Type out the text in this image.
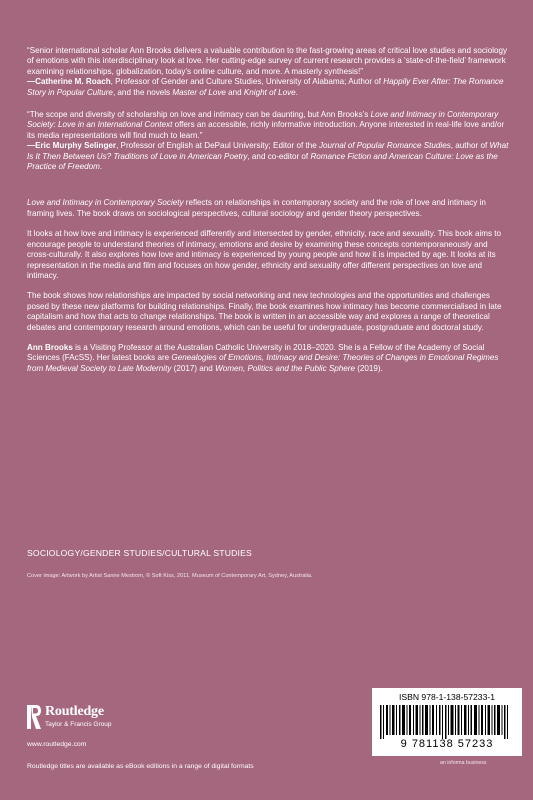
“Senior international scholar Ann Brooks delivers a valuable contribution to the fast-growing areas of critical love studies and sociology of emotions with this interdisciplinary look at love. Her cutting-edge survey of current research provides a ‘state-of-the-field’ framework examining relationships, globalization, today’s online culture, and more. A masterly synthesis!”
—Catherine M. Roach, Professor of Gender and Culture Studies, University of Alabama; Author of Happily Ever After: The Romance Story in Popular Culture, and the novels Master of Love and Knight of Love.

“The scope and diversity of scholarship on love and intimacy can be daunting, but Ann Brooks’s Love and Intimacy in Contemporary Society: Love in an International Context offers an accessible, richly informative introduction. Anyone interested in real-life love and/or its media representations will find much to learn.”
—Eric Murphy Selinger, Professor of English at DePaul University; Editor of the Journal of Popular Romance Studies, author of What Is It Then Between Us? Traditions of Love in American Poetry, and co-editor of Romance Fiction and American Culture: Love as the Practice of Freedom.

Love and Intimacy in Contemporary Society reflects on relationships in contemporary society and the role of love and intimacy in framing lives. The book draws on sociological perspectives, cultural sociology and gender theory perspectives.

It looks at how love and intimacy is experienced differently and intersected by gender, ethnicity, race and sexuality. This book aims to encourage people to understand theories of intimacy, emotions and desire by examining these concepts contemporaneously and cross-culturally. It also explores how love and intimacy is experienced by young people and how it is impacted by age. It looks at its representation in the media and film and focuses on how gender, ethnicity and sexuality offer different perspectives on love and intimacy.

The book shows how relationships are impacted by social networking and new technologies and the opportunities and challenges posed by these new platforms for building relationships. Finally, the book examines how intimacy has become commercialised in late capitalism and how that acts to change relationships. The book is written in an accessible way and explores a range of theoretical debates and contemporary research around emotions, which can be useful for undergraduate, postgraduate and doctoral study.

Ann Brooks is a Visiting Professor at the Australian Catholic University in 2018–2020. She is a Fellow of the Academy of Social Sciences (FAcSS). Her latest books are Genealogies of Emotions, Intimacy and Desire: Theories of Changes in Emotional Regimes from Medieval Society to Late Modernity (2017) and Women, Politics and the Public Sphere (2019).

SOCIOLOGY/GENDER STUDIES/CULTURAL STUDIES
Cover image: Artwork by Artist Sanne Mestrom, © Soft Kiss, 2011. Museum of Contemporary Art, Sydney, Australia.
Routledge
Taylor & Francis Group
www.routledge.com
Routledge titles are available as eBook editions in a range of digital formats
ISBN 978-1-138-57233-1
9 781138 57233
an informa business
